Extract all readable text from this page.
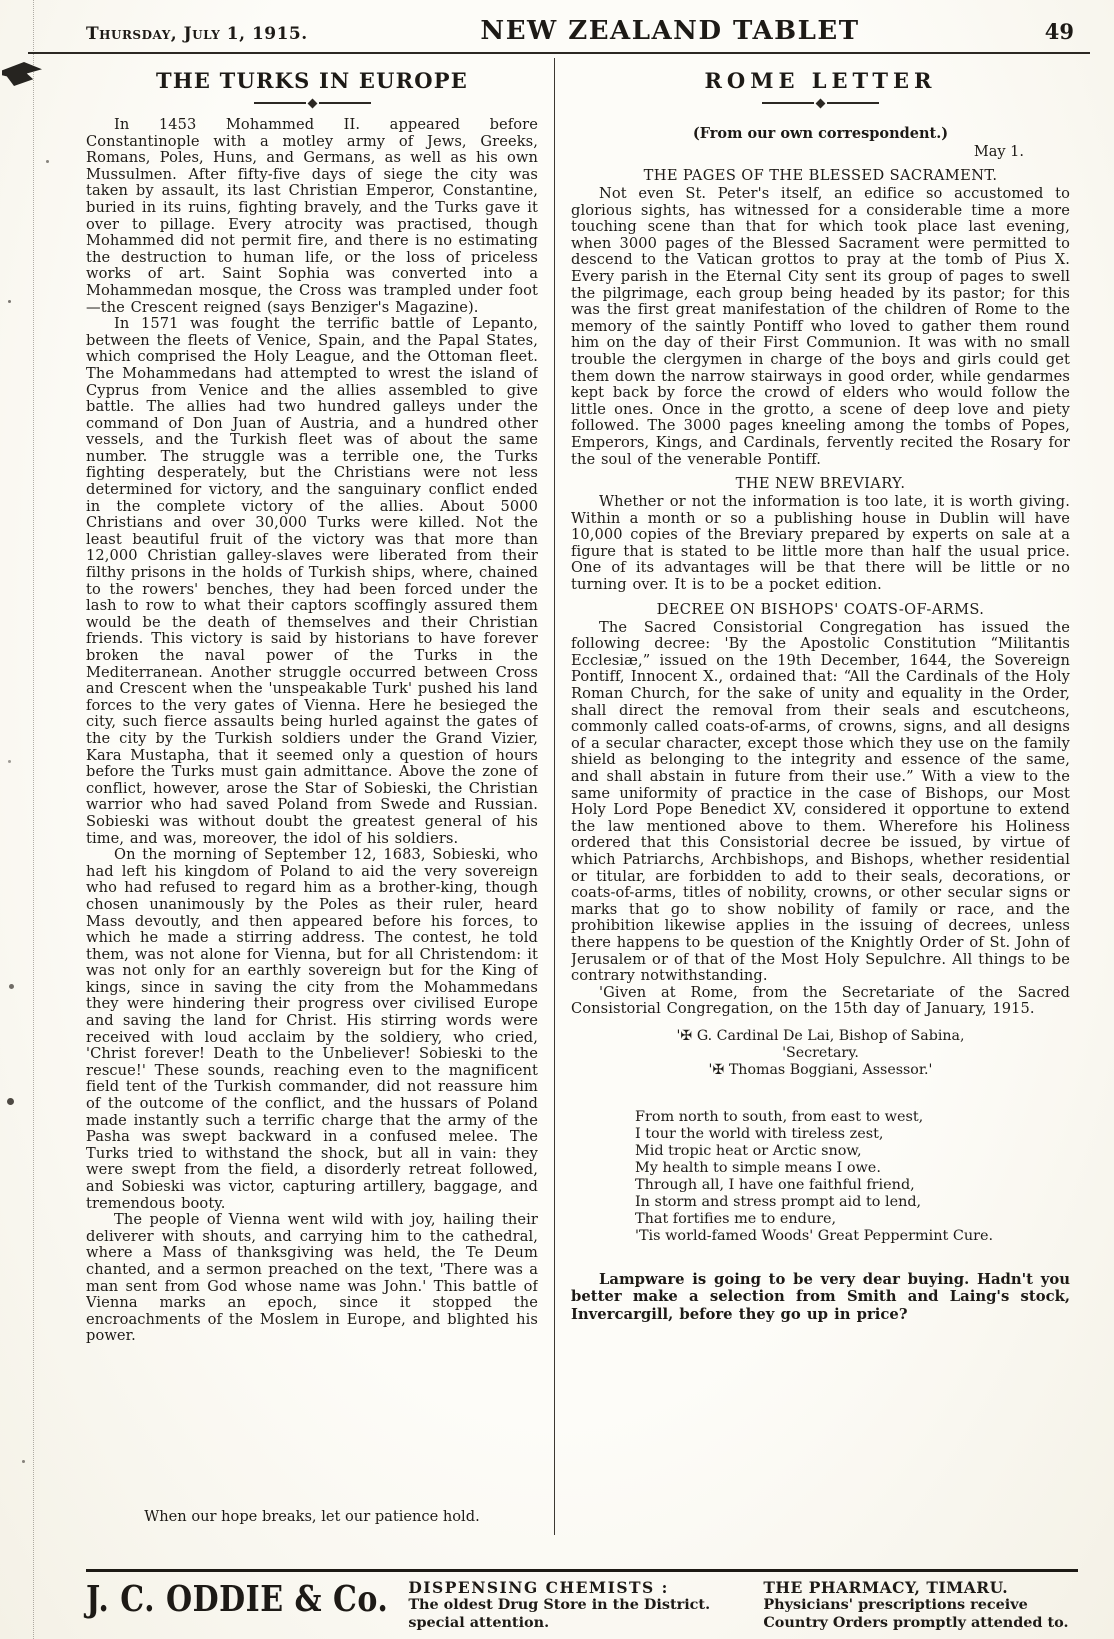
Thursday, July 1, 1915.	NEW ZEALAND TABLET	49
THE TURKS IN EUROPE

In 1453 Mohammed II. appeared before Constantinople with a motley army of Jews, Greeks, Romans, Poles, Huns, and Germans, as well as his own Mussulmen. After fifty-five days of siege the city was taken by assault, its last Christian Emperor, Constantine, buried in its ruins, fighting bravely, and the Turks gave it over to pillage. Every atrocity was practised, though Mohammed did not permit fire, and there is no estimating the destruction to human life, or the loss of priceless works of art. Saint Sophia was converted into a Mohammedan mosque, the Cross was trampled under foot —the Crescent reigned (says Benziger's Magazine).

In 1571 was fought the terrific battle of Lepanto, between the fleets of Venice, Spain, and the Papal States, which comprised the Holy League, and the Ottoman fleet. The Mohammedans had attempted to wrest the island of Cyprus from Venice and the allies assembled to give battle. The allies had two hundred galleys under the command of Don Juan of Austria, and a hundred other vessels, and the Turkish fleet was of about the same number. The struggle was a terrible one, the Turks fighting desperately, but the Christians were not less determined for victory, and the sanguinary conflict ended in the complete victory of the allies. About 5000 Christians and over 30,000 Turks were killed. Not the least beautiful fruit of the victory was that more than 12,000 Christian galley-slaves were liberated from their filthy prisons in the holds of Turkish ships, where, chained to the rowers' benches, they had been forced under the lash to row to what their captors scoffingly assured them would be the death of themselves and their Christian friends. This victory is said by historians to have forever broken the naval power of the Turks in the Mediterranean. Another struggle occurred between Cross and Crescent when the 'unspeakable Turk' pushed his land forces to the very gates of Vienna. Here he besieged the city, such fierce assaults being hurled against the gates of the city by the Turkish soldiers under the Grand Vizier, Kara Mustapha, that it seemed only a question of hours before the Turks must gain admittance. Above the zone of conflict, however, arose the Star of Sobieski, the Christian warrior who had saved Poland from Swede and Russian. Sobieski was without doubt the greatest general of his time, and was, moreover, the idol of his soldiers.

On the morning of September 12, 1683, Sobieski, who had left his kingdom of Poland to aid the very sovereign who had refused to regard him as a brother-king, though chosen unanimously by the Poles as their ruler, heard Mass devoutly, and then appeared before his forces, to which he made a stirring address. The contest, he told them, was not alone for Vienna, but for all Christendom: it was not only for an earthly sovereign but for the King of kings, since in saving the city from the Mohammedans they were hindering their progress over civilised Europe and saving the land for Christ. His stirring words were received with loud acclaim by the soldiery, who cried, 'Christ forever! Death to the Unbeliever! Sobieski to the rescue!' These sounds, reaching even to the magnificent field tent of the Turkish commander, did not reassure him of the outcome of the conflict, and the hussars of Poland made instantly such a terrific charge that the army of the Pasha was swept backward in a confused melee. The Turks tried to withstand the shock, but all in vain: they were swept from the field, a disorderly retreat followed, and Sobieski was victor, capturing artillery, baggage, and tremendous booty.

The people of Vienna went wild with joy, hailing their deliverer with shouts, and carrying him to the cathedral, where a Mass of thanksgiving was held, the Te Deum chanted, and a sermon preached on the text, 'There was a man sent from God whose name was John.' This battle of Vienna marks an epoch, since it stopped the encroachments of the Moslem in Europe, and blighted his power.

When our hope breaks, let our patience hold.
ROME LETTER
(From our own correspondent.)
May 1.
THE PAGES OF THE BLESSED SACRAMENT.

Not even St. Peter's itself, an edifice so accustomed to glorious sights, has witnessed for a considerable time a more touching scene than that for which took place last evening, when 3000 pages of the Blessed Sacrament were permitted to descend to the Vatican grottos to pray at the tomb of Pius X. Every parish in the Eternal City sent its group of pages to swell the pilgrimage, each group being headed by its pastor; for this was the first great manifestation of the children of Rome to the memory of the saintly Pontiff who loved to gather them round him on the day of their First Communion. It was with no small trouble the clergymen in charge of the boys and girls could get them down the narrow stairways in good order, while gendarmes kept back by force the crowd of elders who would follow the little ones. Once in the grotto, a scene of deep love and piety followed. The 3000 pages kneeling among the tombs of Popes, Emperors, Kings, and Cardinals, fervently recited the Rosary for the soul of the venerable Pontiff.

THE NEW BREVIARY.

Whether or not the information is too late, it is worth giving. Within a month or so a publishing house in Dublin will have 10,000 copies of the Breviary prepared by experts on sale at a figure that is stated to be little more than half the usual price. One of its advantages will be that there will be little or no turning over. It is to be a pocket edition.

DECREE ON BISHOPS' COATS-OF-ARMS.

The Sacred Consistorial Congregation has issued the following decree: 'By the Apostolic Constitution “Militantis Ecclesiæ,” issued on the 19th December, 1644, the Sovereign Pontiff, Innocent X., ordained that: “All the Cardinals of the Holy Roman Church, for the sake of unity and equality in the Order, shall direct the removal from their seals and escutcheons, commonly called coats-of-arms, of crowns, signs, and all designs of a secular character, except those which they use on the family shield as belonging to the integrity and essence of the same, and shall abstain in future from their use.” With a view to the same uniformity of practice in the case of Bishops, our Most Holy Lord Pope Benedict XV, considered it opportune to extend the law mentioned above to them. Wherefore his Holiness ordered that this Consistorial decree be issued, by virtue of which Patriarchs, Archbishops, and Bishops, whether residential or titular, are forbidden to add to their seals, decorations, or coats-of-arms, titles of nobility, crowns, or other secular signs or marks that go to show nobility of family or race, and the prohibition likewise applies in the issuing of decrees, unless there happens to be question of the Knightly Order of St. John of Jerusalem or of that of the Most Holy Sepulchre. All things to be contrary notwithstanding.

'Given at Rome, from the Secretariate of the Sacred Consistorial Congregation, on the 15th day of January, 1915.

'✠ G. Cardinal De Lai, Bishop of Sabina,
'Secretary.
'✠ Thomas Boggiani, Assessor.'
From north to south, from east to west,
I tour the world with tireless zest,
Mid tropic heat or Arctic snow,
My health to simple means I owe.
Through all, I have one faithful friend,
In storm and stress prompt aid to lend,
That fortifies me to endure,
'Tis world-famed Woods' Great Peppermint Cure.

Lampware is going to be very dear buying. Hadn't you better make a selection from Smith and Laing's stock, Invercargill, before they go up in price?

J. C. ODDIE & Co. DISPENSING CHEMISTS :
The oldest Drug Store in the District.
special attention.
THE PHARMACY, TIMARU.
Physicians' prescriptions receive
Country Orders promptly attended to.
